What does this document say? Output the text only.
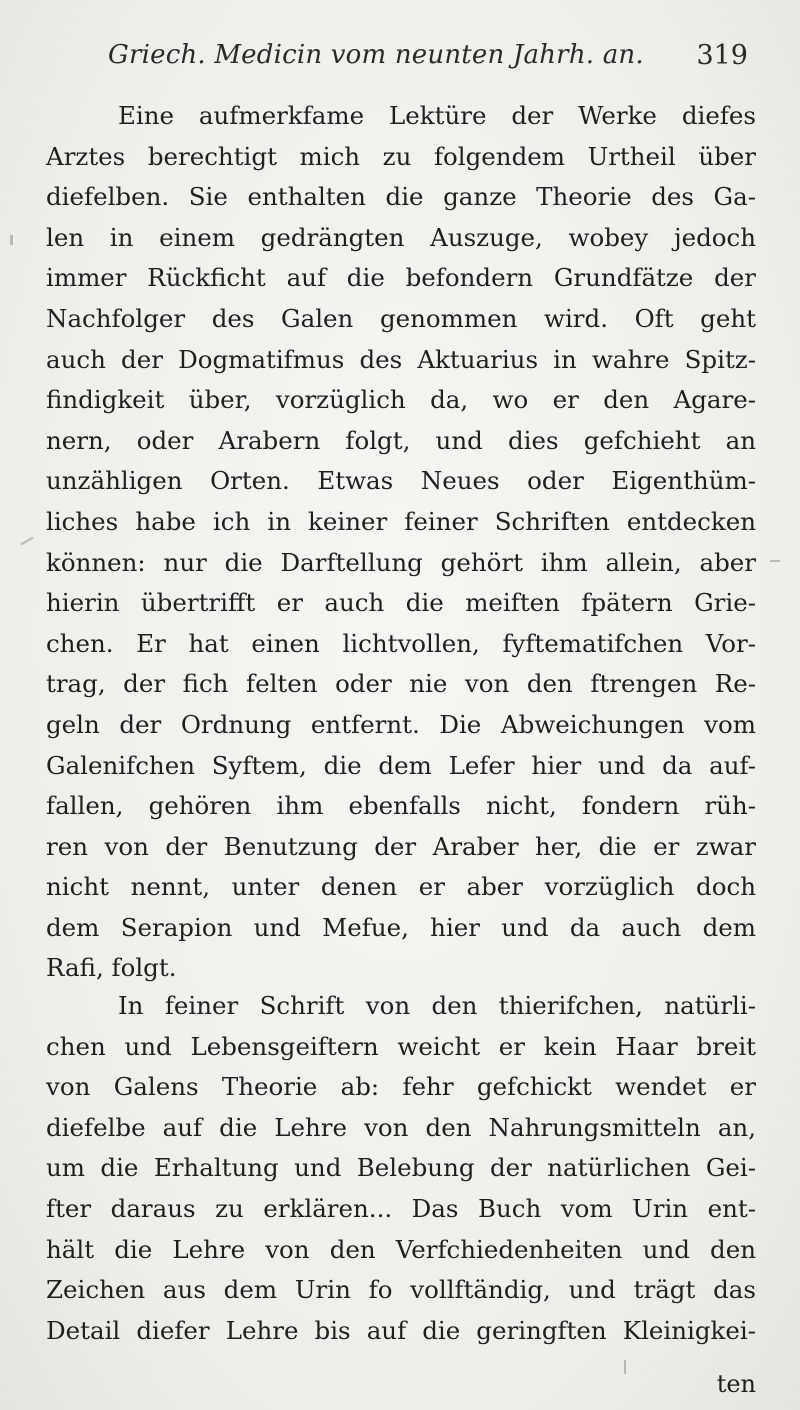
Griech. Medicin vom neunten Jahrh. an. 319
Eine aufmerkfame Lektüre der Werke diefes
Arztes berechtigt mich zu folgendem Urtheil über
diefelben. Sie enthalten die ganze Theorie des Ga-
len in einem gedrängten Auszuge, wobey jedoch
immer Rückficht auf die befondern Grundfätze der
Nachfolger des Galen genommen wird. Oft geht
auch der Dogmatifmus des Aktuarius in wahre Spitz-
findigkeit über, vorzüglich da, wo er den Agare-
nern, oder Arabern folgt, und dies gefchieht an
unzähligen Orten. Etwas Neues oder Eigenthüm-
liches habe ich in keiner feiner Schriften entdecken
können: nur die Darftellung gehört ihm allein, aber
hierin übertrifft er auch die meiften fpätern Grie-
chen. Er hat einen lichtvollen, fyftematifchen Vor-
trag, der fich felten oder nie von den ftrengen Re-
geln der Ordnung entfernt. Die Abweichungen vom
Galenifchen Syftem, die dem Lefer hier und da auf-
fallen, gehören ihm ebenfalls nicht, fondern rüh-
ren von der Benutzung der Araber her, die er zwar
nicht nennt, unter denen er aber vorzüglich doch
dem Serapion und Mefue, hier und da auch dem
Rafi, folgt.
In feiner Schrift von den thierifchen, natürli-
chen und Lebensgeiftern weicht er kein Haar breit
von Galens Theorie ab: fehr gefchickt wendet er
diefelbe auf die Lehre von den Nahrungsmitteln an,
um die Erhaltung und Belebung der natürlichen Gei-
fter daraus zu erklären... Das Buch vom Urin ent-
hält die Lehre von den Verfchiedenheiten und den
Zeichen aus dem Urin fo vollftändig, und trägt das
Detail diefer Lehre bis auf die geringften Kleinigkei-
ten
